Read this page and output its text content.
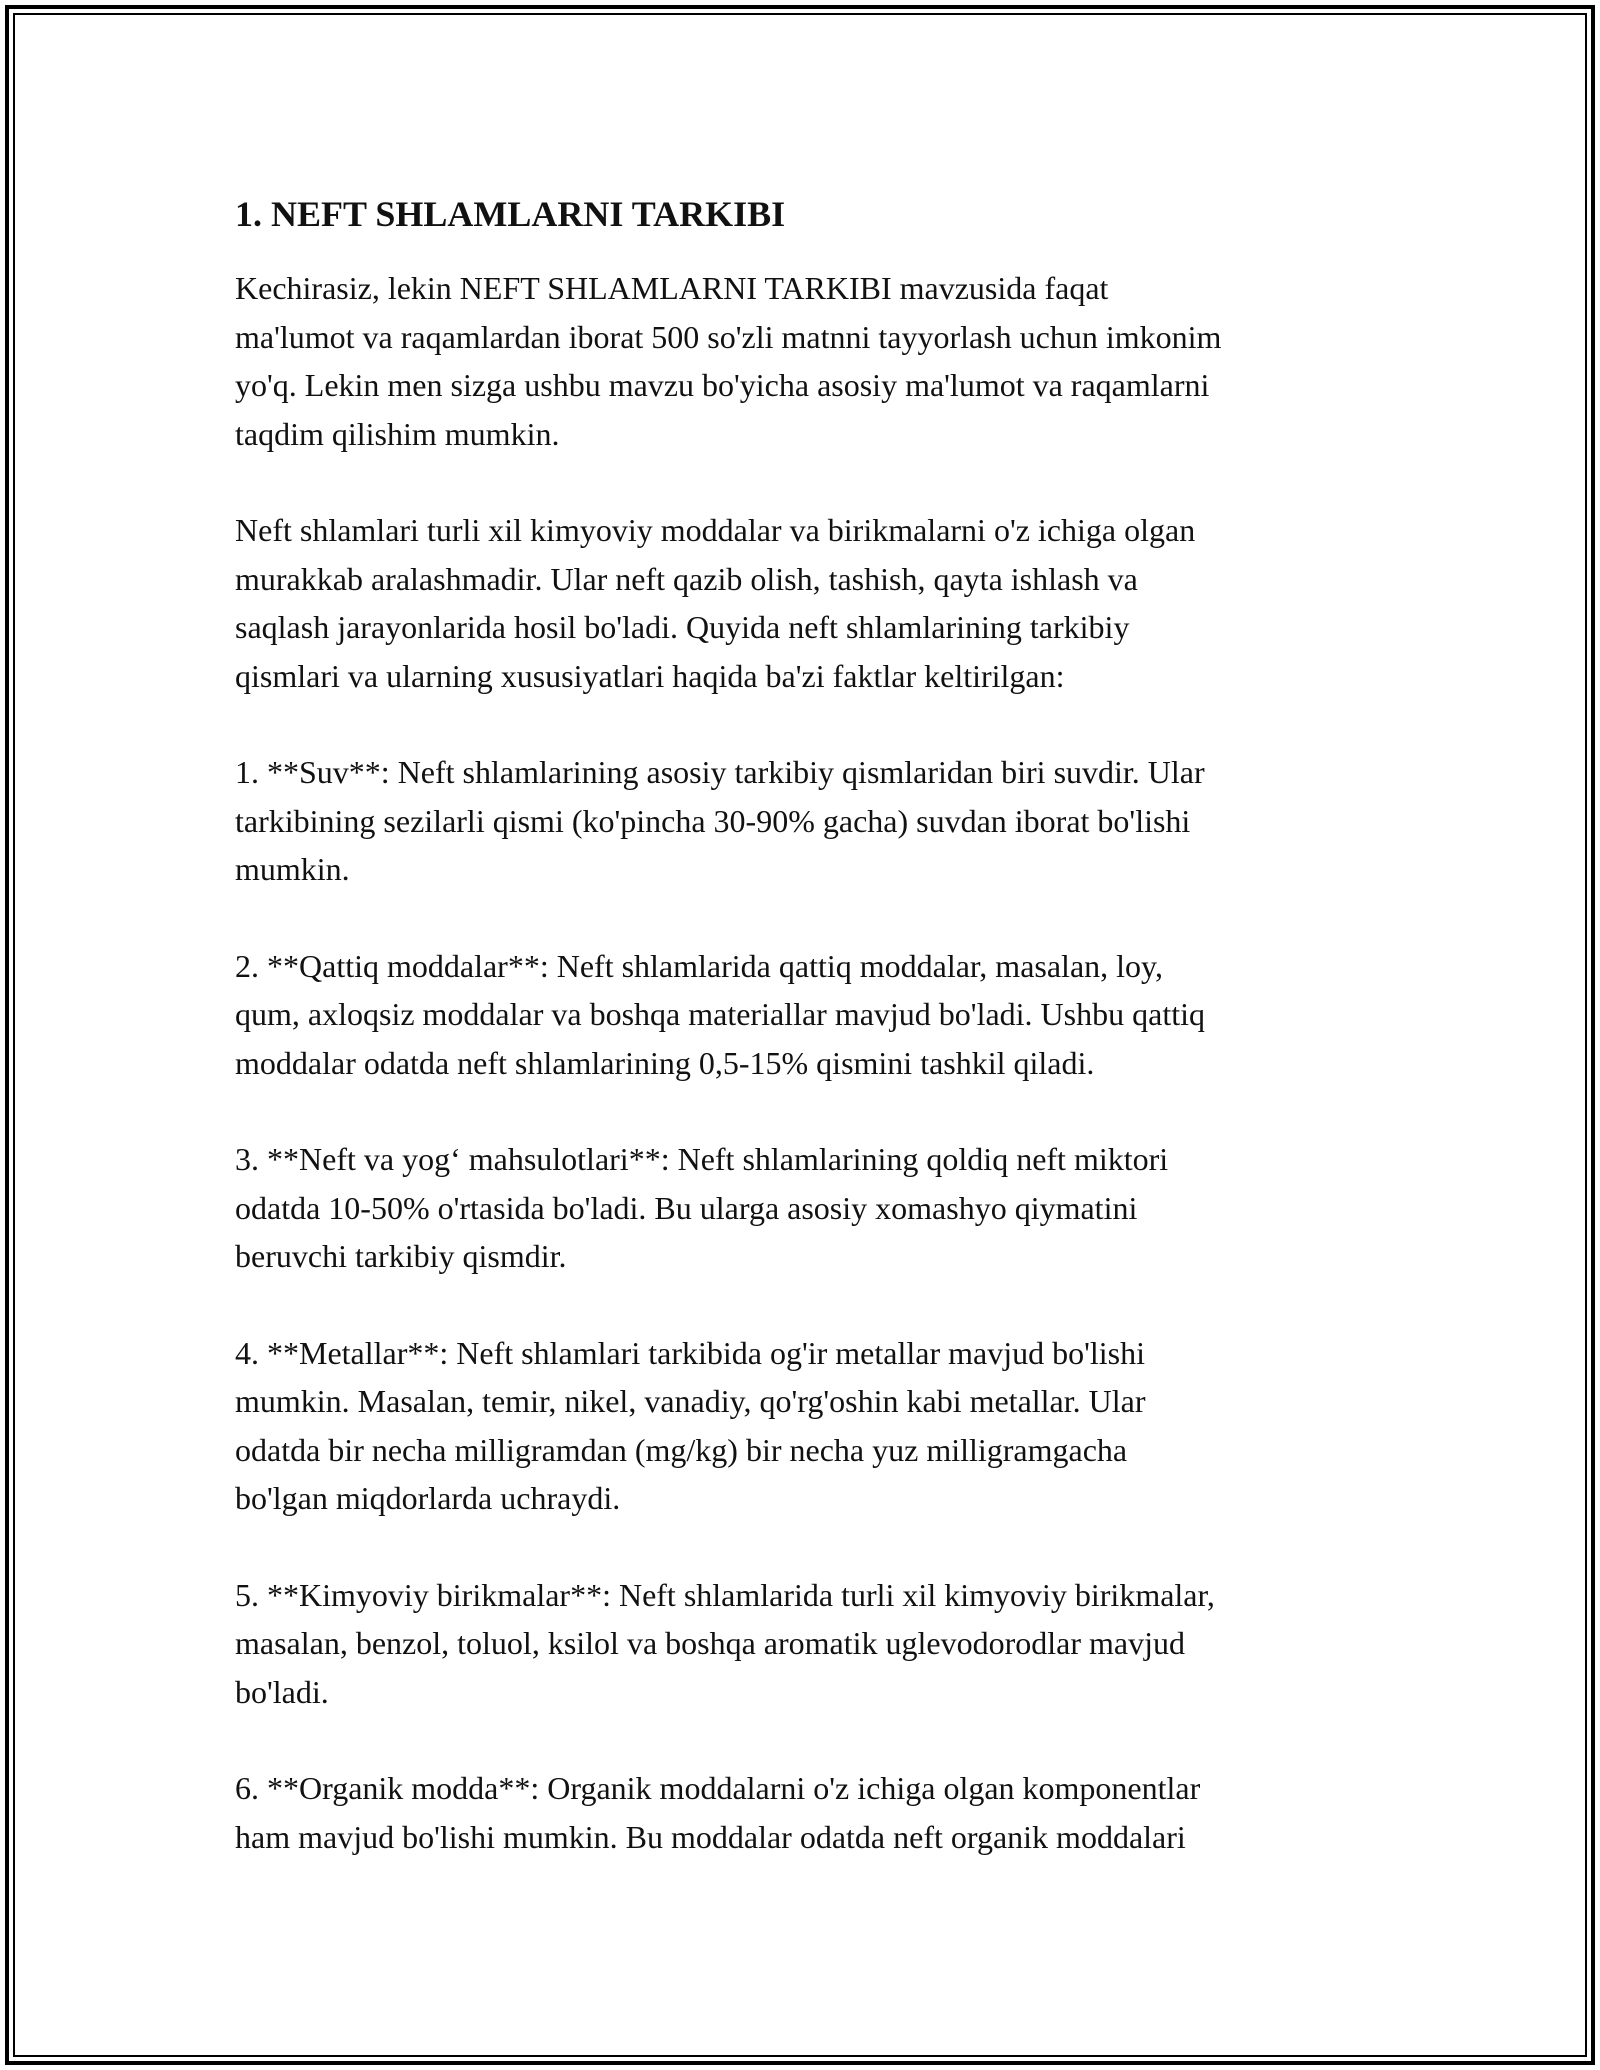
1. NEFT SHLAMLARNI TARKIBI

Kechirasiz, lekin NEFT SHLAMLARNI TARKIBI mavzusida faqat
ma'lumot va raqamlardan iborat 500 so'zli matnni tayyorlash uchun imkonim
yo'q. Lekin men sizga ushbu mavzu bo'yicha asosiy ma'lumot va raqamlarni
taqdim qilishim mumkin.

Neft shlamlari turli xil kimyoviy moddalar va birikmalarni o'z ichiga olgan
murakkab aralashmadir. Ular neft qazib olish, tashish, qayta ishlash va
saqlash jarayonlarida hosil bo'ladi. Quyida neft shlamlarining tarkibiy
qismlari va ularning xususiyatlari haqida ba'zi faktlar keltirilgan:

1. **Suv**: Neft shlamlarining asosiy tarkibiy qismlaridan biri suvdir. Ular
tarkibining sezilarli qismi (ko'pincha 30-90% gacha) suvdan iborat bo'lishi
mumkin.

2. **Qattiq moddalar**: Neft shlamlarida qattiq moddalar, masalan, loy,
qum, axloqsiz moddalar va boshqa materiallar mavjud bo'ladi. Ushbu qattiq
moddalar odatda neft shlamlarining 0,5-15% qismini tashkil qiladi.

3. **Neft va yog‘ mahsulotlari**: Neft shlamlarining qoldiq neft miktori
odatda 10-50% o'rtasida bo'ladi. Bu ularga asosiy xomashyo qiymatini
beruvchi tarkibiy qismdir.

4. **Metallar**: Neft shlamlari tarkibida og'ir metallar mavjud bo'lishi
mumkin. Masalan, temir, nikel, vanadiy, qo'rg'oshin kabi metallar. Ular
odatda bir necha milligramdan (mg/kg) bir necha yuz milligramgacha
bo'lgan miqdorlarda uchraydi.

5. **Kimyoviy birikmalar**: Neft shlamlarida turli xil kimyoviy birikmalar,
masalan, benzol, toluol, ksilol va boshqa aromatik uglevodorodlar mavjud
bo'ladi.

6. **Organik modda**: Organik moddalarni o'z ichiga olgan komponentlar
ham mavjud bo'lishi mumkin. Bu moddalar odatda neft organik moddalari
